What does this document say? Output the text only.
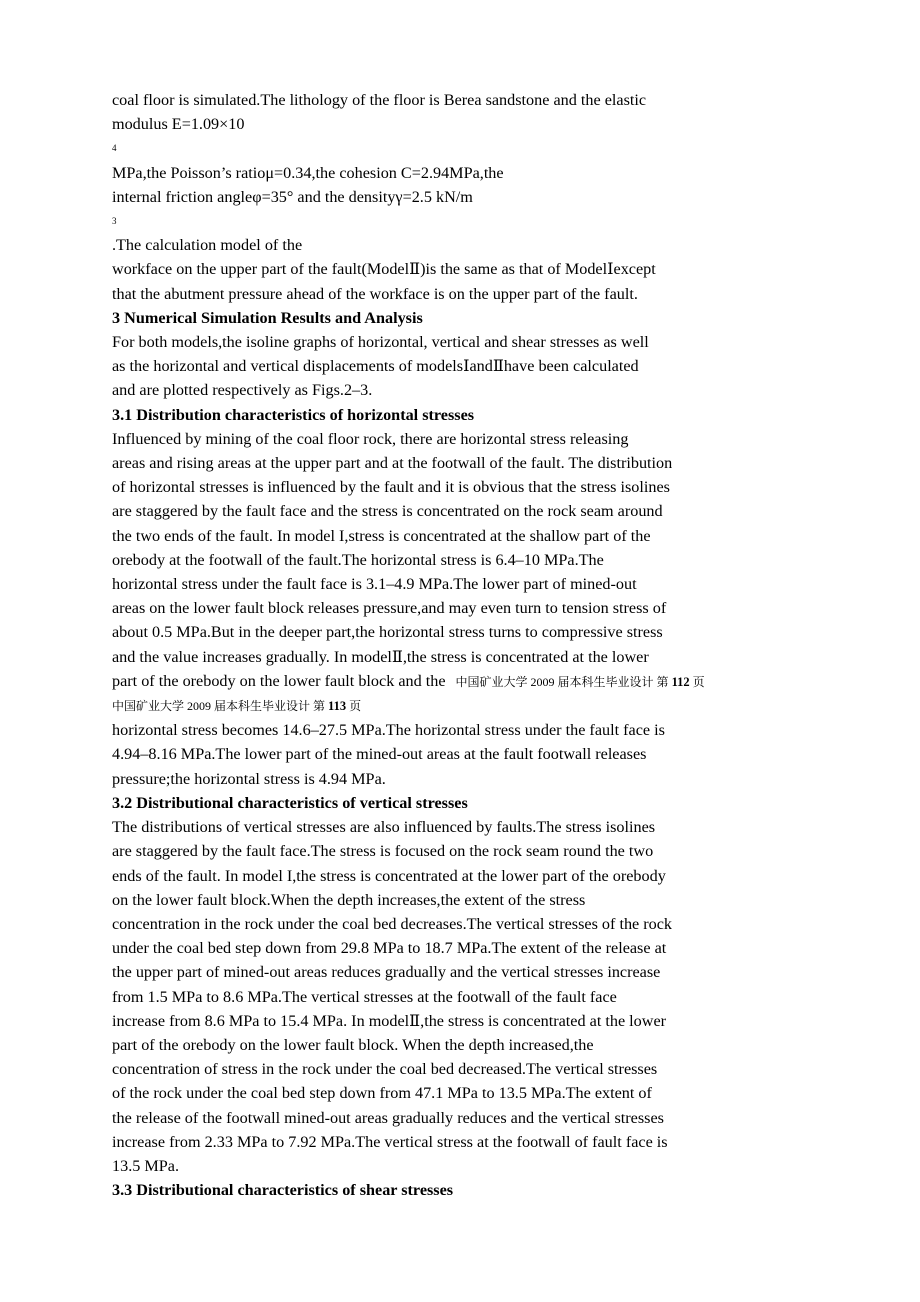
coal floor is simulated.The lithology of the floor is Berea sandstone and the elastic
modulus E=1.09×10
4
MPa,the Poisson’s ratioμ=0.34,the cohesion C=2.94MPa,the
internal friction angleφ=35° and the densityγ=2.5 kN/m
3
.The calculation model of the
workface on the upper part of the fault(ModelⅡ)is the same as that of ModelⅠexcept
that the abutment pressure ahead of the workface is on the upper part of the fault.
3 Numerical Simulation Results and Analysis
For both models,the isoline graphs of horizontal, vertical and shear stresses as well
as the horizontal and vertical displacements of modelsⅠandⅡhave been calculated
and are plotted respectively as Figs.2–3.
3.1 Distribution characteristics of horizontal stresses
Influenced by mining of the coal floor rock, there are horizontal stress releasing
areas and rising areas at the upper part and at the footwall of the fault. The distribution
of horizontal stresses is influenced by the fault and it is obvious that the stress isolines
are staggered by the fault face and the stress is concentrated on the rock seam around
the two ends of the fault. In model I,stress is concentrated at the shallow part of the
orebody at the footwall of the fault.The horizontal stress is 6.4–10 MPa.The
horizontal stress under the fault face is 3.1–4.9 MPa.The lower part of mined-out
areas on the lower fault block releases pressure,and may even turn to tension stress of
about 0.5 MPa.But in the deeper part,the horizontal stress turns to compressive stress
and the value increases gradually. In modelⅡ,the stress is concentrated at the lower
part of the orebody on the lower fault block and the 中国矿业大学 2009 届本科生毕业设计 第 112 页
中国矿业大学 2009 届本科生毕业设计 第 113 页
horizontal stress becomes 14.6–27.5 MPa.The horizontal stress under the fault face is
4.94–8.16 MPa.The lower part of the mined-out areas at the fault footwall releases
pressure;the horizontal stress is 4.94 MPa.
3.2 Distributional characteristics of vertical stresses
The distributions of vertical stresses are also influenced by faults.The stress isolines
are staggered by the fault face.The stress is focused on the rock seam round the two
ends of the fault. In model I,the stress is concentrated at the lower part of the orebody
on the lower fault block.When the depth increases,the extent of the stress
concentration in the rock under the coal bed decreases.The vertical stresses of the rock
under the coal bed step down from 29.8 MPa to 18.7 MPa.The extent of the release at
the upper part of mined-out areas reduces gradually and the vertical stresses increase
from 1.5 MPa to 8.6 MPa.The vertical stresses at the footwall of the fault face
increase from 8.6 MPa to 15.4 MPa. In modelⅡ,the stress is concentrated at the lower
part of the orebody on the lower fault block. When the depth increased,the
concentration of stress in the rock under the coal bed decreased.The vertical stresses
of the rock under the coal bed step down from 47.1 MPa to 13.5 MPa.The extent of
the release of the footwall mined-out areas gradually reduces and the vertical stresses
increase from 2.33 MPa to 7.92 MPa.The vertical stress at the footwall of fault face is
13.5 MPa.
3.3 Distributional characteristics of shear stresses
